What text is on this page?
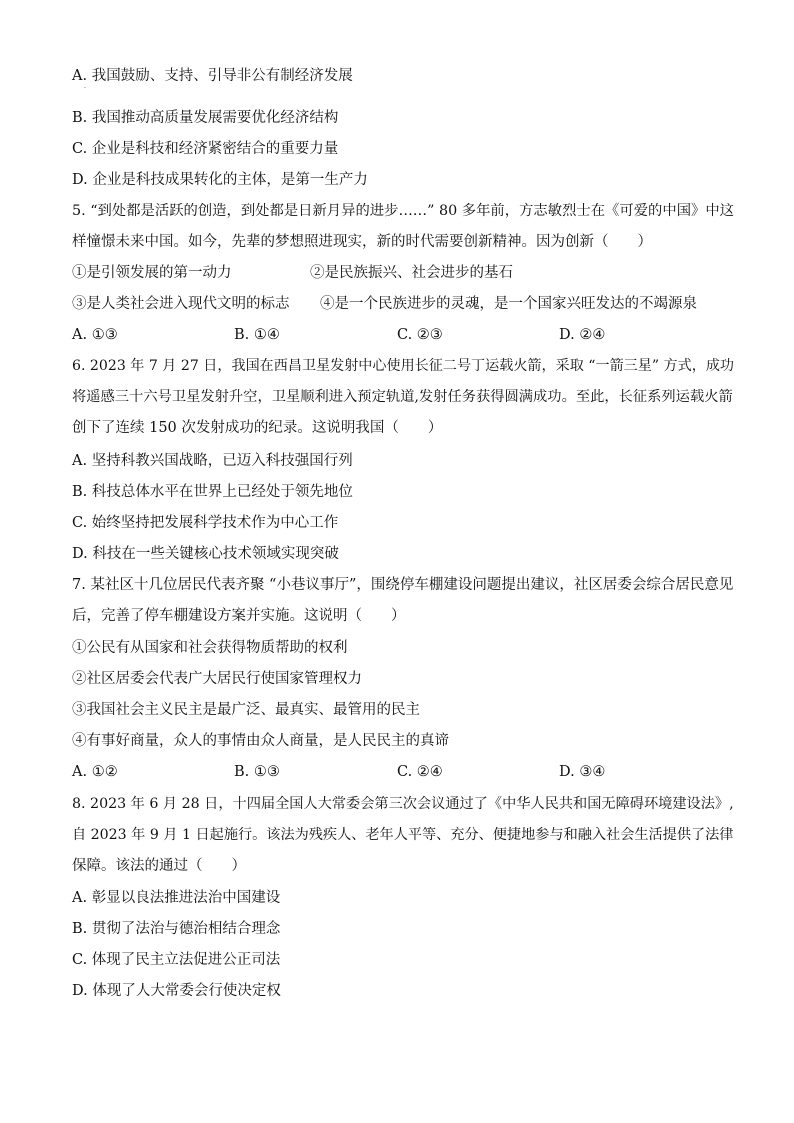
A. 我国鼓励、支持、引导非公有制经济发展
·
B. 我国推动高质量发展需要优化经济结构
C. 企业是科技和经济紧密结合的重要力量
D. 企业是科技成果转化的主体，是第一生产力
5. “到处都是活跃的创造，到处都是日新月异的进步……” 80 多年前，方志敏烈士在《可爱的中国》中这
样憧憬未来中国。如今，先辈的梦想照进现实，新的时代需要创新精神。因为创新（　　）
①是引领发展的第一动力	②是民族振兴、社会进步的基石
③是人类社会进入现代文明的标志 ④是一个民族进步的灵魂，是一个国家兴旺发达的不竭源泉
A. ①③	B. ①④	C. ②③	D. ②④
6. 2023 年 7 月 27 日，我国在西昌卫星发射中心使用长征二号丁运载火箭，采取 “一箭三星” 方式，成功
将遥感三十六号卫星发射升空，卫星顺利进入预定轨道,发射任务获得圆满成功。至此，长征系列运载火箭
创下了连续 150 次发射成功的纪录。这说明我国（　　）
A. 坚持科教兴国战略，已迈入科技强国行列
B. 科技总体水平在世界上已经处于领先地位
C. 始终坚持把发展科学技术作为中心工作
D. 科技在一些关键核心技术领域实现突破
7. 某社区十几位居民代表齐聚 “小巷议事厅”，围绕停车棚建设问题提出建议，社区居委会综合居民意见
后，完善了停车棚建设方案并实施。这说明（　　）
①公民有从国家和社会获得物质帮助的权利
②社区居委会代表广大居民行使国家管理权力
③我国社会主义民主是最广泛、最真实、最管用的民主
④有事好商量，众人的事情由众人商量，是人民民主的真谛
A. ①②	B. ①③	C. ②④	D. ③④
8. 2023 年 6 月 28 日，十四届全国人大常委会第三次会议通过了《中华人民共和国无障碍环境建设法》,
自 2023 年 9 月 1 日起施行。该法为残疾人、老年人平等、充分、便捷地参与和融入社会生活提供了法律
保障。该法的通过（　　）
A. 彰显以良法推进法治中国建设
B. 贯彻了法治与德治相结合理念
C. 体现了民主立法促进公正司法
D. 体现了人大常委会行使决定权
